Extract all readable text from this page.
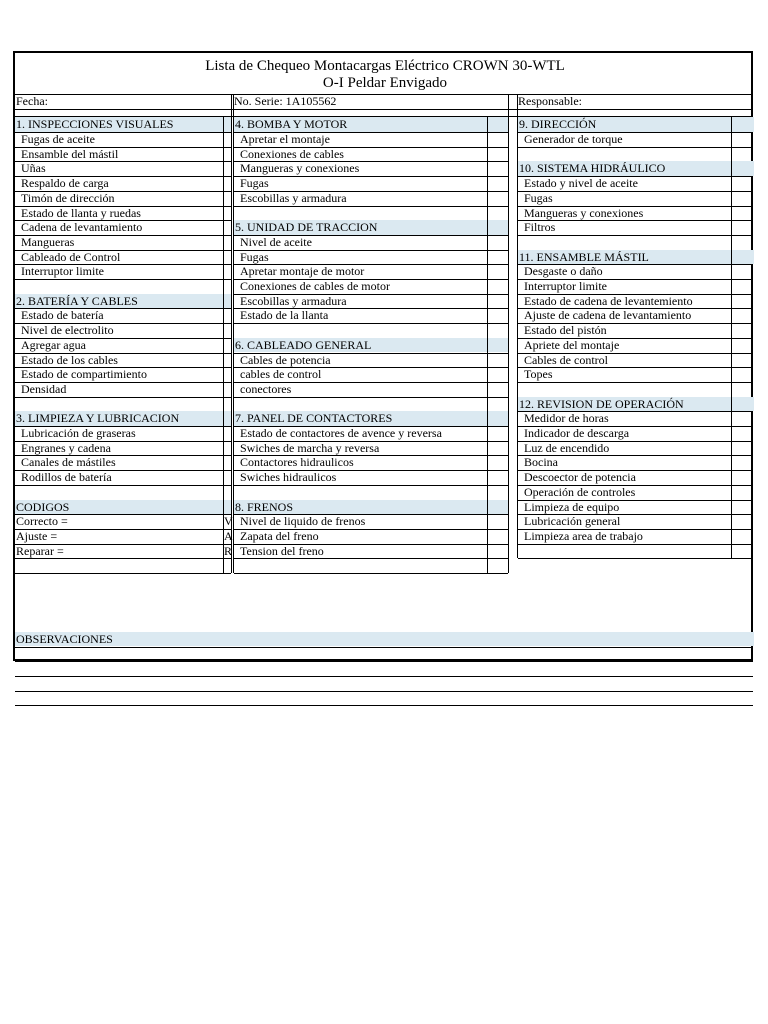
Lista de Chequeo Montacargas Eléctrico CROWN 30-WTL
O-I Peldar Envigado
Fecha:	No. Serie: 1A105562	Responsable:
1. INSPECCIONES VISUALES
Fugas de aceite
Ensamble del mástil
Uñas
Respaldo de carga
Timón de dirección
Estado de llanta y ruedas
Cadena de levantamiento
Mangueras
Cableado de Control
Interruptor limite
2. BATERÍA Y CABLES
Estado de batería
Nivel de electrolito
Agregar agua
Estado de los cables
Estado de compartimiento
Densidad
3. LIMPIEZA Y LUBRICACION
Lubricación de graseras
Engranes y cadena
Canales de mástiles
Rodillos de batería
CODIGOS
Correcto =	V
Ajuste =	A
Reparar =	R
4. BOMBA Y MOTOR
Apretar el montaje
Conexiones de cables
Mangueras y conexiones
Fugas
Escobillas y armadura
5. UNIDAD DE TRACCION
Nivel de aceite
Fugas
Apretar montaje de motor
Conexiones de cables de motor
Escobillas y armadura
Estado de la llanta
6. CABLEADO GENERAL
Cables de potencia
cables de control
conectores
7. PANEL DE CONTACTORES
Estado de contactores de avence y reversa
Swiches de marcha y reversa
Contactores hidraulicos
Swiches hidraulicos
8. FRENOS
Nivel de liquido de frenos
Zapata del freno
Tension del freno
9. DIRECCIÓN
Generador de torque
10. SISTEMA HIDRÁULICO
Estado y nivel de aceite
Fugas
Mangueras y conexiones
Filtros
11. ENSAMBLE MÁSTIL
Desgaste o daño
Interruptor limite
Estado de cadena de levantemiento
Ajuste de cadena de levantamiento
Estado del pistón
Apriete del montaje
Cables de control
Topes
12. REVISION DE OPERACIÓN
Medidor de horas
Indicador de descarga
Luz de encendido
Bocina
Descoector de potencia
Operación de controles
Limpieza de equipo
Lubricación general
Limpieza area de trabajo
OBSERVACIONES
